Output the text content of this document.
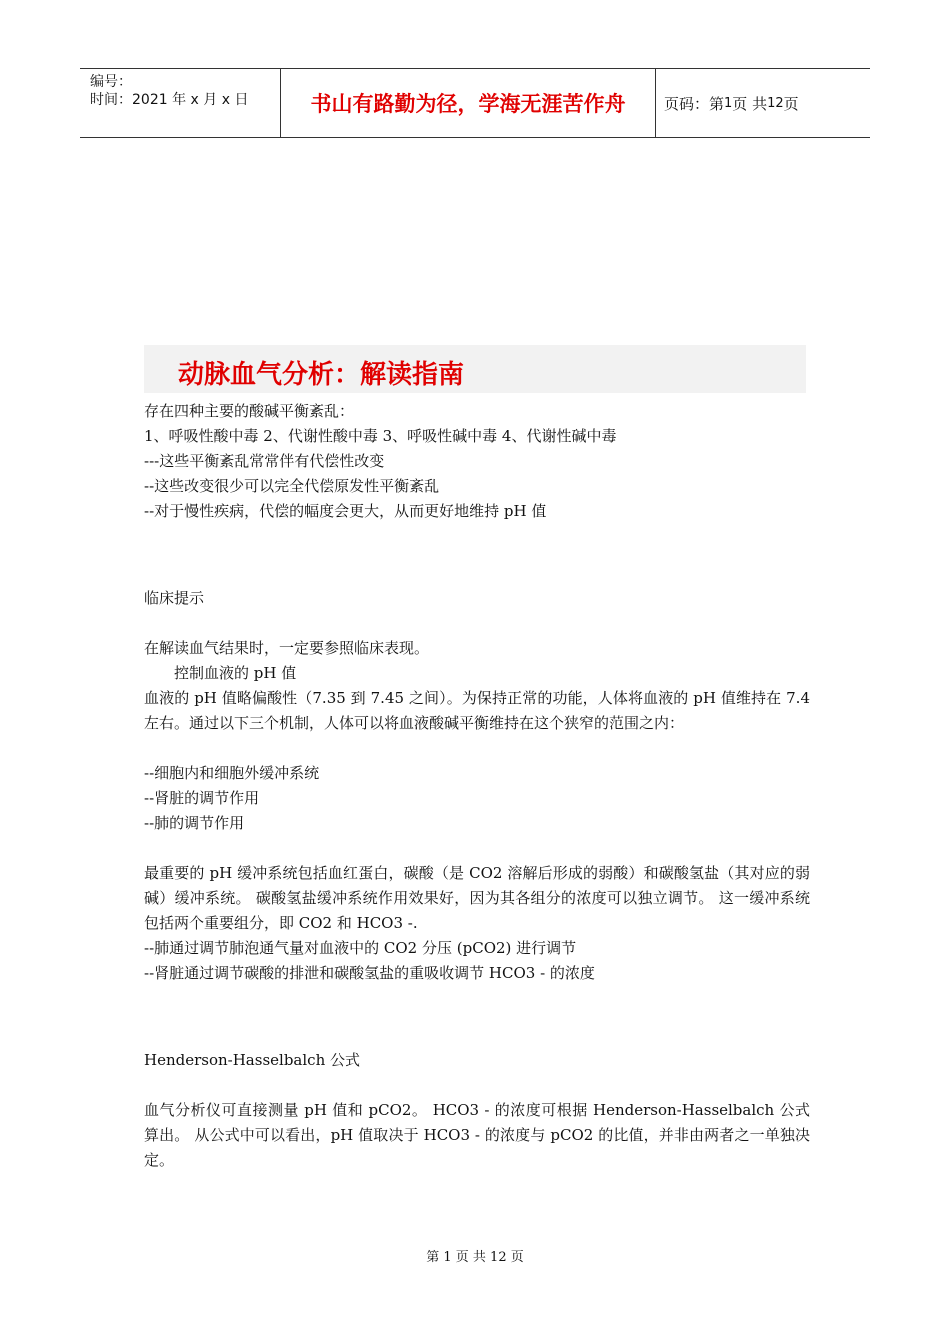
编号：
时间：2021 年 x 月 x 日	书山有路勤为径，学海无涯苦作舟	页码：第 1 页 共 12 页
动脉血气分析：解读指南

存在四种主要的酸碱平衡紊乱：

1、呼吸性酸中毒 2、代谢性酸中毒 3、呼吸性碱中毒 4、代谢性碱中毒

---这些平衡紊乱常常伴有代偿性改变

--这些改变很少可以完全代偿原发性平衡紊乱

--对于慢性疾病，代偿的幅度会更大，从而更好地维持 pH 值

临床提示

在解读血气结果时，一定要参照临床表现。

控制血液的 pH 值

血液的 pH 值略偏酸性（7.35 到 7.45 之间）。为保持正常的功能，人体将血液的 pH 值维持在 7.4 左右。通过以下三个机制，人体可以将血液酸碱平衡维持在这个狭窄的范围之内：

--细胞内和细胞外缓冲系统

--肾脏的调节作用

--肺的调节作用

最重要的 pH 缓冲系统包括血红蛋白，碳酸（是 CO2 溶解后形成的弱酸）和碳酸氢盐（其对应的弱碱）缓冲系统。 碳酸氢盐缓冲系统作用效果好，因为其各组分的浓度可以独立调节。 这一缓冲系统包括两个重要组分，即 CO2 和 HCO3 -.

--肺通过调节肺泡通气量对血液中的 CO2 分压 (pCO2) 进行调节

--肾脏通过调节碳酸的排泄和碳酸氢盐的重吸收调节 HCO3 - 的浓度

Henderson-Hasselbalch 公式

血气分析仪可直接测量 pH 值和 pCO2。 HCO3 - 的浓度可根据 Henderson-Hasselbalch 公式算出。 从公式中可以看出，pH 值取决于 HCO3 - 的浓度与 pCO2 的比值，并非由两者之一单独决定。

第 1 页 共 12 页
